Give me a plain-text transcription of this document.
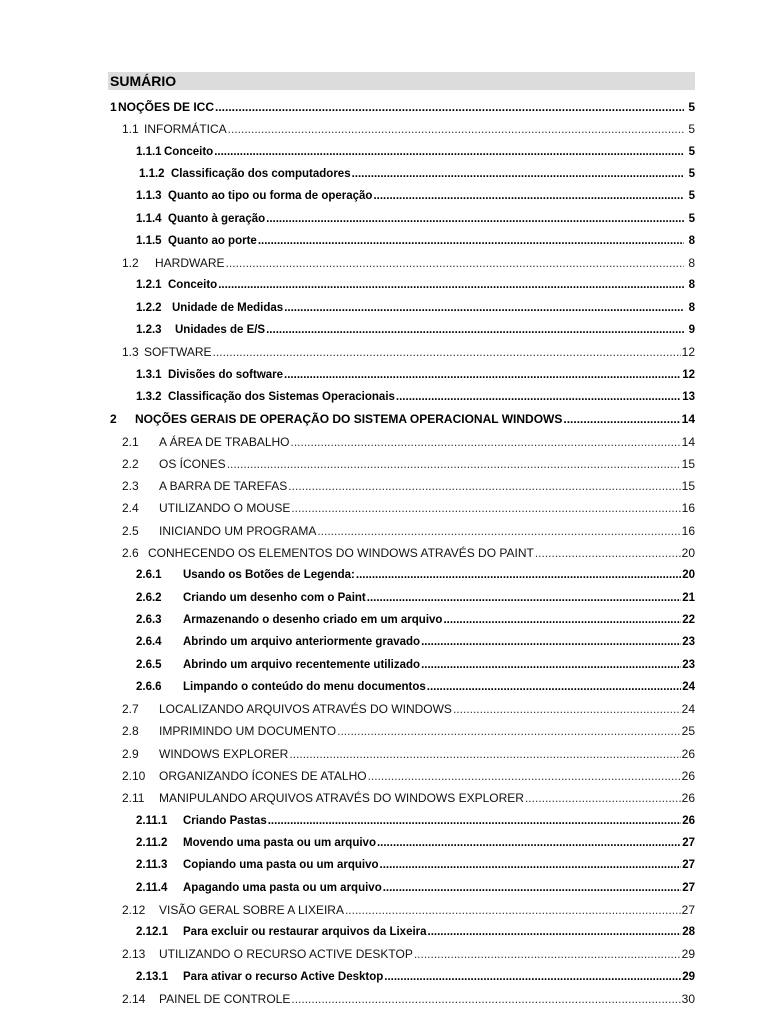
SUMÁRIO
1 NOÇÕES DE ICC .....	5
1.1 INFORMÁTICA .....	5
1.1.1 Conceito .....	5
1.1.2 Classificação dos computadores .....	5
1.1.3 Quanto ao tipo ou forma de operação .....	5
1.1.4 Quanto à geração .....	5
1.1.5 Quanto ao porte .....	8
1.2	HARDWARE .....	8
1.2.1 Conceito .....	8
1.2.2 Unidade de Medidas .....	8
1.2.3	Unidades de E/S .....	9
1.3 SOFTWARE .....	12
1.3.1 Divisões do software .....	12
1.3.2 Classificação dos Sistemas Operacionais .....	13
2	NOÇÕES GERAIS DE OPERAÇÃO DO SISTEMA OPERACIONAL WINDOWS .....	14
2.1	A ÁREA DE TRABALHO .....	14
2.2	OS ÍCONES .....	15
2.3	A BARRA DE TAREFAS .....	15
2.4	UTILIZANDO O MOUSE .....	16
2.5	INICIANDO UM PROGRAMA .....	16
2.6 CONHECENDO OS ELEMENTOS DO WINDOWS ATRAVÉS DO PAINT .....	20
2.6.1	Usando os Botões de Legenda: .....	20
2.6.2	Criando um desenho com o Paint .....	21
2.6.3	Armazenando o desenho criado em um arquivo .....	22
2.6.4	Abrindo um arquivo anteriormente gravado .....	23
2.6.5	Abrindo um arquivo recentemente utilizado .....	23
2.6.6	Limpando o conteúdo do menu documentos .....	24
2.7	LOCALIZANDO ARQUIVOS ATRAVÉS DO WINDOWS .....	24
2.8	IMPRIMINDO UM DOCUMENTO .....	25
2.9	WINDOWS EXPLORER .....	26
2.10	ORGANIZANDO ÍCONES DE ATALHO .....	26
2.11	MANIPULANDO ARQUIVOS ATRAVÉS DO WINDOWS EXPLORER .....	26
2.11.1	Criando Pastas .....	26
2.11.2	Movendo uma pasta ou um arquivo .....	27
2.11.3	Copiando uma pasta ou um arquivo .....	27
2.11.4	Apagando uma pasta ou um arquivo .....	27
2.12	VISÃO GERAL SOBRE A LIXEIRA .....	27
2.12.1	Para excluir ou restaurar arquivos da Lixeira .....	28
2.13	UTILIZANDO O RECURSO ACTIVE DESKTOP .....	29
2.13.1	Para ativar o recurso Active Desktop .....	29
2.14	PAINEL DE CONTROLE .....	30
